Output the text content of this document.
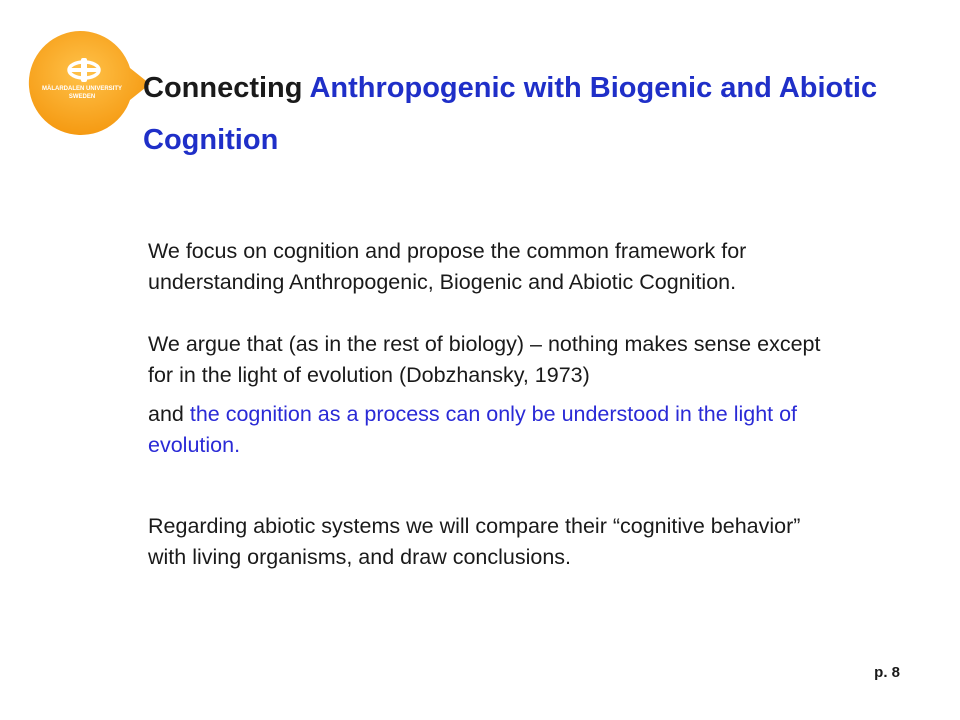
MÄLARDALEN UNIVERSITY
SWEDEN Connecting Anthropogenic with Biogenic and Abiotic Cognition

We focus on cognition and propose the common framework for understanding Anthropogenic, Biogenic and Abiotic Cognition.

We argue that (as in the rest of biology) – nothing makes sense except for in the light of evolution (Dobzhansky, 1973)

and the cognition as a process can only be understood in the light of evolution.

Regarding abiotic systems we will compare their “cognitive behavior” with living organisms, and draw conclusions.

p. 8
